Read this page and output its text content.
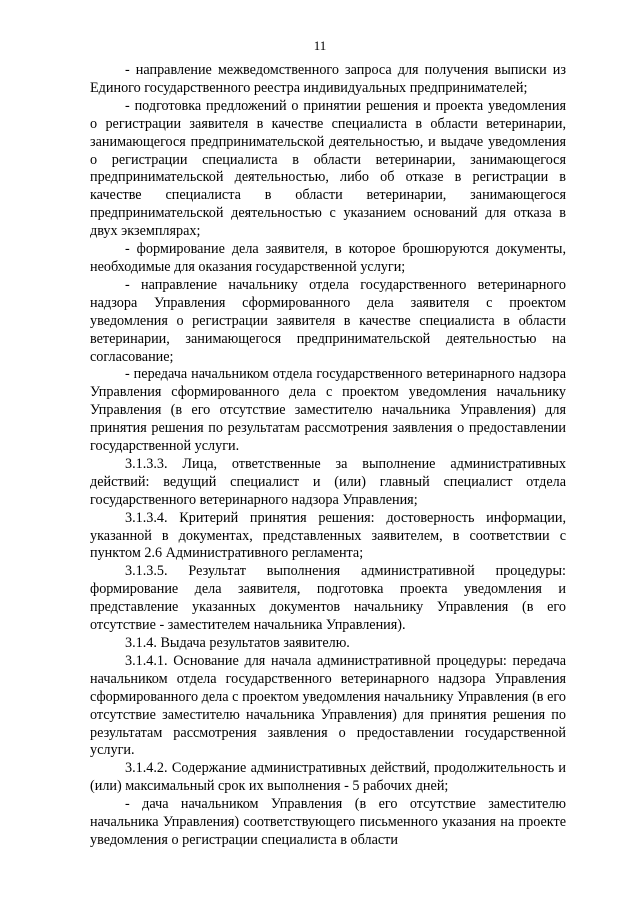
11

- направление межведомственного запроса для получения выписки из Единого государственного реестра индивидуальных предпринимателей;

- подготовка предложений о принятии решения и проекта уведомления о регистрации заявителя в качестве специалиста в области ветеринарии, занимающегося предпринимательской деятельностью, и выдаче уведомления о регистрации специалиста в области ветеринарии, занимающегося предпринимательской деятельностью, либо об отказе в регистрации в качестве специалиста в области ветеринарии, занимающегося предпринимательской деятельностью с указанием оснований для отказа в двух экземплярах;

- формирование дела заявителя, в которое брошюруются документы, необходимые для оказания государственной услуги;

- направление начальнику отдела государственного ветеринарного надзора Управления сформированного дела заявителя с проектом уведомления о регистрации заявителя в качестве специалиста в области ветеринарии, занимающегося предпринимательской деятельностью на согласование;

- передача начальником отдела государственного ветеринарного надзора Управления сформированного дела с проектом уведомления начальнику Управления (в его отсутствие заместителю начальника Управления) для принятия решения по результатам рассмотрения заявления о предоставлении государственной услуги.

3.1.3.3. Лица, ответственные за выполнение административных действий: ведущий специалист и (или) главный специалист отдела государственного ветеринарного надзора Управления;

3.1.3.4. Критерий принятия решения: достоверность информации, указанной в документах, представленных заявителем, в соответствии с пунктом 2.6 Административного регламента;

3.1.3.5. Результат выполнения административной процедуры: формирование дела заявителя, подготовка проекта уведомления и представление указанных документов начальнику Управления (в его отсутствие - заместителем начальника Управления).

3.1.4. Выдача результатов заявителю.

3.1.4.1. Основание для начала административной процедуры: передача начальником отдела государственного ветеринарного надзора Управления сформированного дела с проектом уведомления начальнику Управления (в его отсутствие заместителю начальника Управления) для принятия решения по результатам рассмотрения заявления о предоставлении государственной услуги.

3.1.4.2. Содержание административных действий, продолжительность и (или) максимальный срок их выполнения - 5 рабочих дней;

- дача начальником Управления (в его отсутствие заместителю начальника Управления) соответствующего письменного указания на проекте уведомления о регистрации специалиста в области
